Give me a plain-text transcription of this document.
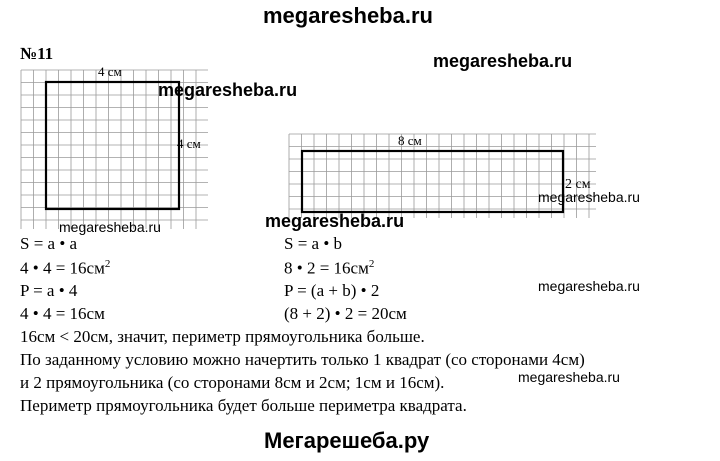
megaresheba.ru
№11
4 см
4 см	8 см
2 см
megaresheba.ru
megaresheba.ru
megaresheba.ru
megaresheba.ru	megaresheba.ru
megaresheba.ru
megaresheba.ru
S = a • a
4 • $4 = 16см^2$
P = a • 4
4 • 4 = 16см
S = a • b
8 • $2 = 16см^2$
P = (a + b) • 2
(8 + 2) • 2 = 20см
16см < 20см, значит, периметр прямоугольника больше.
По заданному условию можно начертить только 1 квадрат (со сторонами 4см)
и 2 прямоугольника (со сторонами 8см и 2см; 1см и 16см).
Периметр прямоугольника будет больше периметра квадрата.
Мегарешеба.ру
